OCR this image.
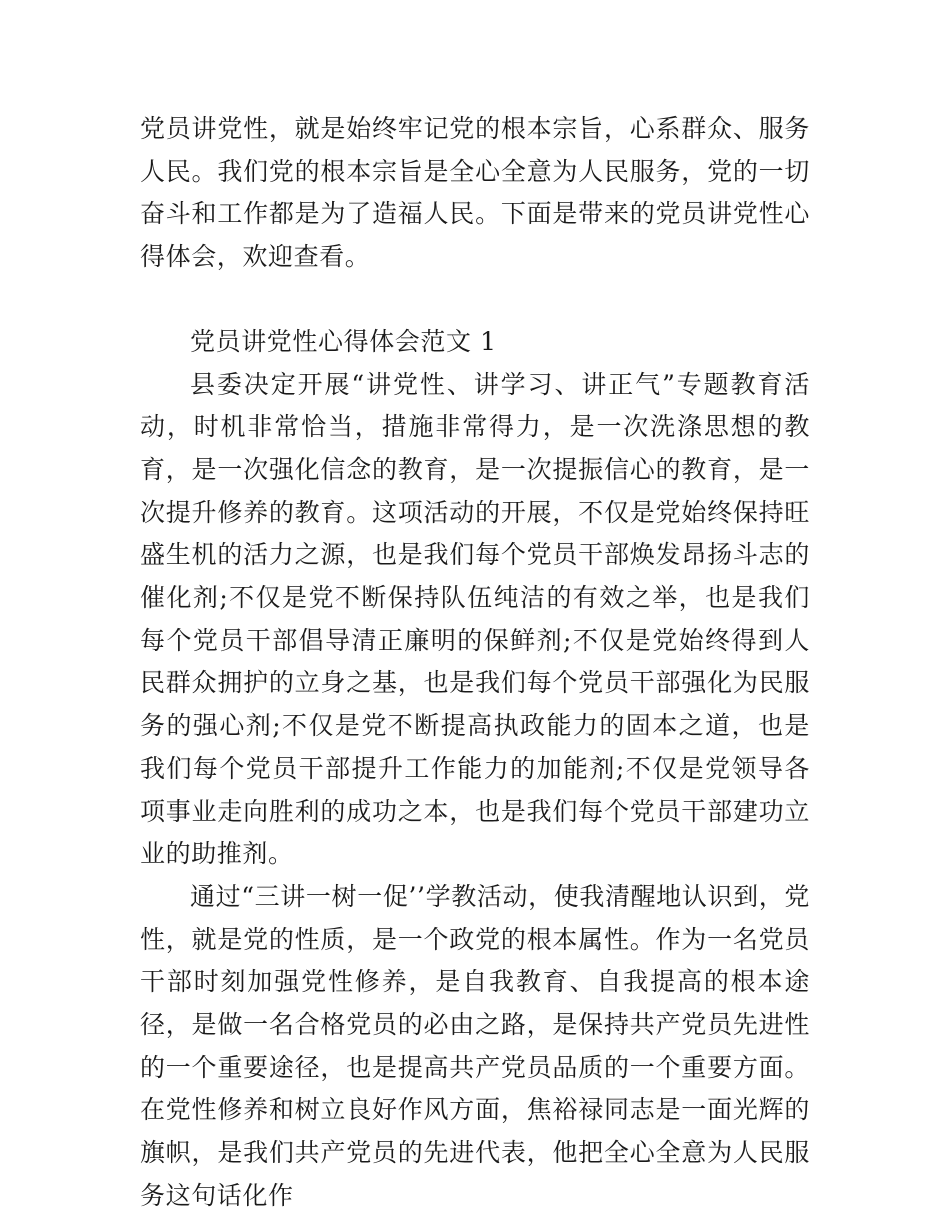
党员讲党性，就是始终牢记党的根本宗旨，心系群众、服务人民。我们党的根本宗旨是全心全意为人民服务，党的一切奋斗和工作都是为了造福人民。下面是带来的党员讲党性心得体会，欢迎查看。

党员讲党性心得体会范文 1

县委决定开展“讲党性、讲学习、讲正气”专题教育活动，时机非常恰当，措施非常得力，是一次洗涤思想的教育，是一次强化信念的教育，是一次提振信心的教育，是一次提升修养的教育。这项活动的开展，不仅是党始终保持旺盛生机的活力之源，也是我们每个党员干部焕发昂扬斗志的催化剂;不仅是党不断保持队伍纯洁的有效之举，也是我们每个党员干部倡导清正廉明的保鲜剂;不仅是党始终得到人民群众拥护的立身之基，也是我们每个党员干部强化为民服务的强心剂;不仅是党不断提高执政能力的固本之道，也是我们每个党员干部提升工作能力的加能剂;不仅是党领导各项事业走向胜利的成功之本，也是我们每个党员干部建功立业的助推剂。

通过“三讲一树一促’’学教活动，使我清醒地认识到，党性，就是党的性质，是一个政党的根本属性。作为一名党员干部时刻加强党性修养，是自我教育、自我提高的根本途径，是做一名合格党员的必由之路，是保持共产党员先进性的一个重要途径，也是提高共产党员品质的一个重要方面。在党性修养和树立良好作风方面，焦裕禄同志是一面光辉的旗帜，是我们共产党员的先进代表，他把全心全意为人民服务这句话化作
